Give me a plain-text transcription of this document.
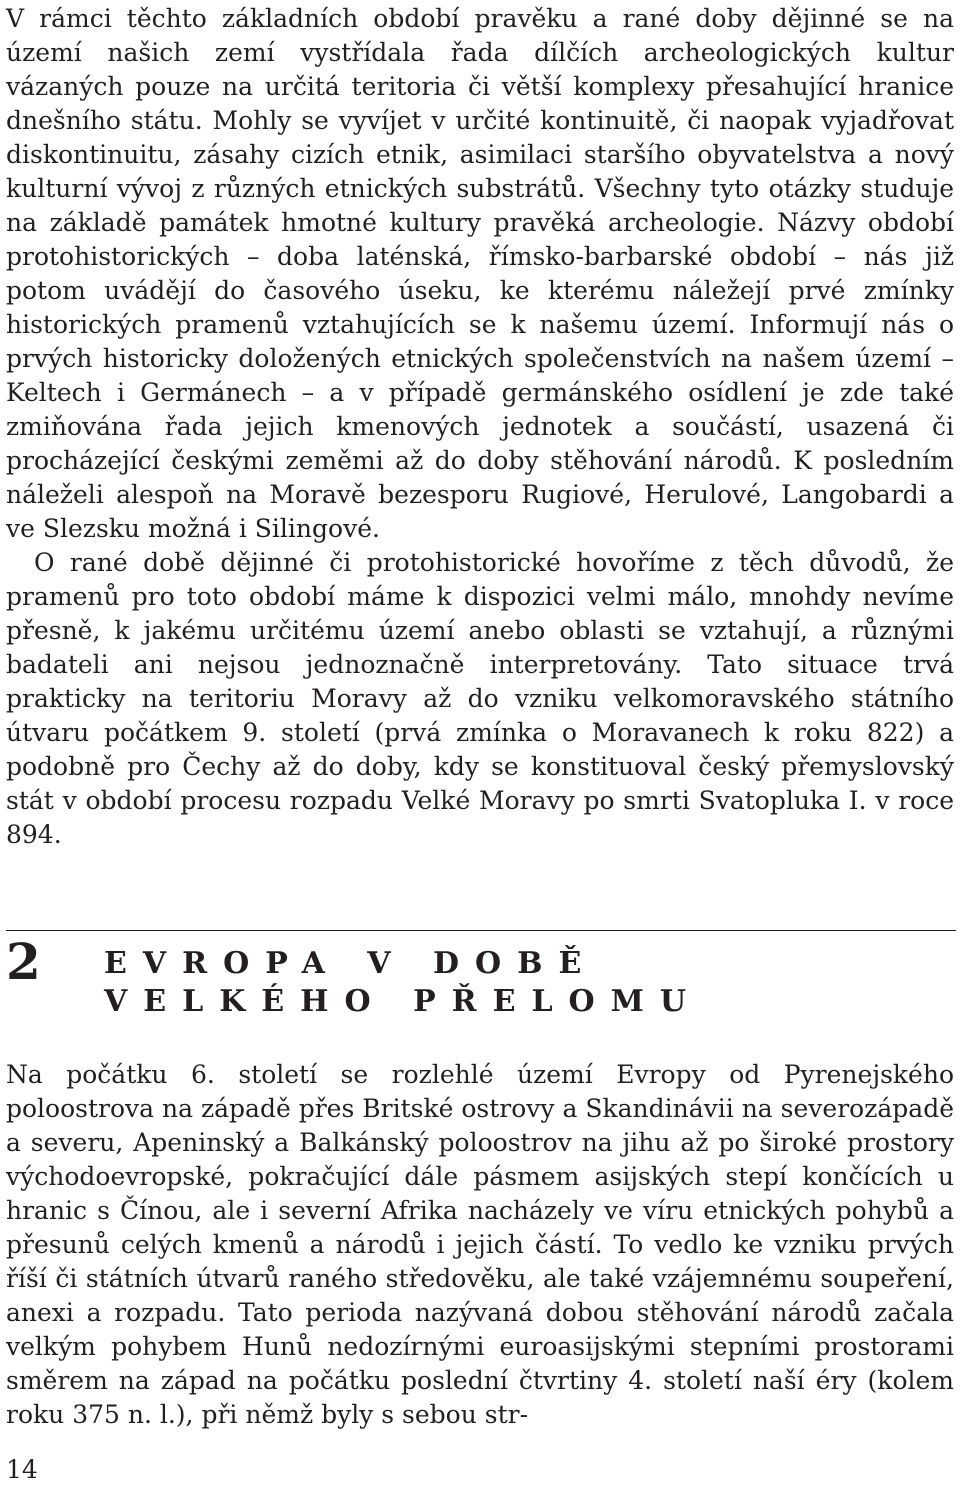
V rámci těchto základních období pravěku a rané doby dějinné se na území našich zemí vystřídala řada dílčích archeologických kultur vázaných pouze na určitá teritoria či větší komplexy přesahující hranice dnešního státu. Mohly se vyvíjet v určité kontinuitě, či naopak vyjadřovat diskontinuitu, zásahy cizích etnik, asimilaci staršího obyvatelstva a nový kulturní vývoj z různých etnických substrátů. Všechny tyto otázky studuje na základě památek hmotné kultury pravěká archeologie. Názvy období protohistorických – doba laténská, římsko-barbarské období – nás již potom uvádějí do časového úseku, ke kterému náležejí prvé zmínky historických pramenů vztahujících se k našemu území. Informují nás o prvých historicky doložených etnických společenstvích na našem území – Keltech i Germánech – a v případě germánského osídlení je zde také zmiňována řada jejich kmenových jednotek a součástí, usazená či procházející českými zeměmi až do doby stěhování národů. K posledním náleželi alespoň na Moravě bezesporu Rugiové, Herulové, Langobardi a ve Slezsku možná i Silingové.

O rané době dějinné či protohistorické hovoříme z těch důvodů, že pramenů pro toto období máme k dispozici velmi málo, mnohdy nevíme přesně, k jakému určitému území anebo oblasti se vztahují, a různými badateli ani nejsou jednoznačně interpretovány. Tato situace trvá prakticky na teritoriu Moravy až do vzniku velkomoravského státního útvaru počátkem 9. století (prvá zmínka o Moravanech k roku 822) a podobně pro Čechy až do doby, kdy se konstituoval český přemyslovský stát v období procesu rozpadu Velké Moravy po smrti Svatopluka I. v roce 894.

2 EVROPA V DOBĚ VELKÉHO PŘELOMU

Na počátku 6. století se rozlehlé území Evropy od Pyrenejského poloostrova na západě přes Britské ostrovy a Skandinávii na severozápadě a severu, Apeninský a Balkánský poloostrov na jihu až po široké prostory východoevropské, pokračující dále pásmem asijských stepí končících u hranic s Čínou, ale i severní Afrika nacházely ve víru etnických pohybů a přesunů celých kmenů a národů i jejich částí. To vedlo ke vzniku prvých říší či státních útvarů raného středověku, ale také vzájemnému soupeření, anexi a rozpadu. Tato perioda nazývaná dobou stěhování národů začala velkým pohybem Hunů nedozírnými euroasijskými stepními prostorami směrem na západ na počátku poslední čtvrtiny 4. století naší éry (kolem roku 375 n. l.), při němž byly s sebou str-

14
